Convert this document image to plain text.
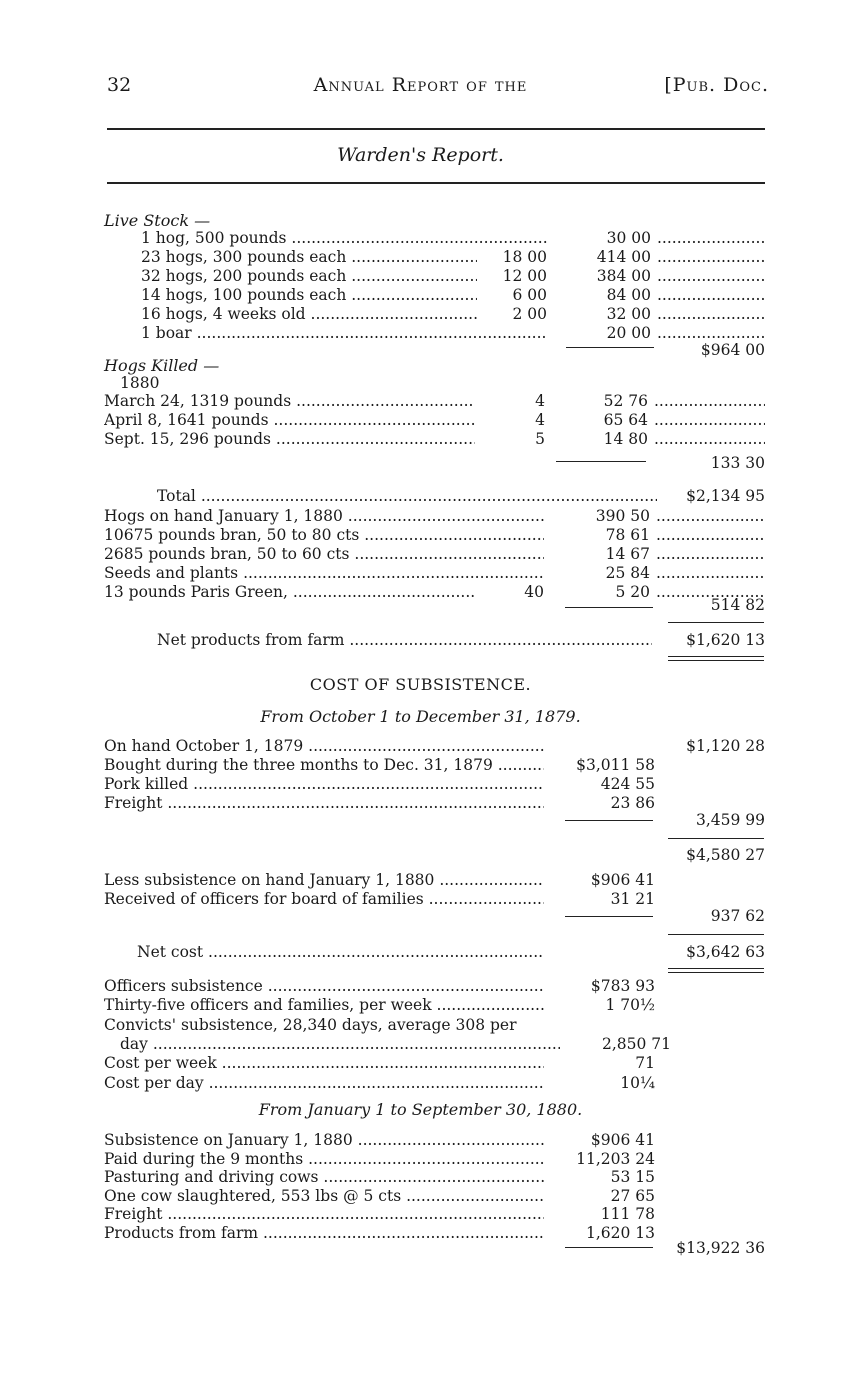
32	Annual Report of the	[Pub. Doc.
Warden's Report.
Live Stock —
1 hog, 500 pounds .....	30 00
.....
23 hogs, 300 pounds each .....	18 00	414 00
.....
32 hogs, 200 pounds each .....	12 00	384 00
.....
14 hogs, 100 pounds each .....	6 00	84 00
.....
16 hogs, 4 weeks old .....	2 00	32 00
.....
1 boar .....	20 00
.....
$964 00
Hogs Killed —
1880
March 24, 1319 pounds .....	4	52 76
.....
April 8, 1641 pounds .....	4	65 64
.....
Sept. 15, 296 pounds .....	5	14 80
.....
133 30
Total .....	$2,134 95
Hogs on hand January 1, 1880 .....	390 50
.....
10675 pounds bran, 50 to 80 cts .....	78 61
.....
2685 pounds bran, 50 to 60 cts .....	14 67
.....
Seeds and plants .....	25 84
.....
13 pounds Paris Green, .....	40	5 20
.....
514 82
Net products from farm .....	$1,620 13
COST OF SUBSISTENCE.
From October 1 to December 31, 1879.
On hand October 1, 1879 .....	$1,120 28
Bought during the three months to Dec. 31, 1879 .....	$3,011 58
Pork killed .....	424 55
Freight .....	23 86
3,459 99
$4,580 27
Less subsistence on hand January 1, 1880 .....	$906 41
Received of officers for board of families .....	31 21
937 62
Net cost .....	$3,642 63
Officers subsistence .....	$783 93
Thirty-five officers and families, per week .....	1 70½
Convicts' subsistence, 28,340 days, average 308 per
day .....	2,850 71
Cost per week .....	71
Cost per day .....	10¼
From January 1 to September 30, 1880.
Subsistence on January 1, 1880 .....	$906 41
Paid during the 9 months .....	11,203 24
Pasturing and driving cows .....	53 15
One cow slaughtered, 553 lbs @ 5 cts .....	27 65
Freight .....	111 78
Products from farm .....	1,620 13
$13,922 36
